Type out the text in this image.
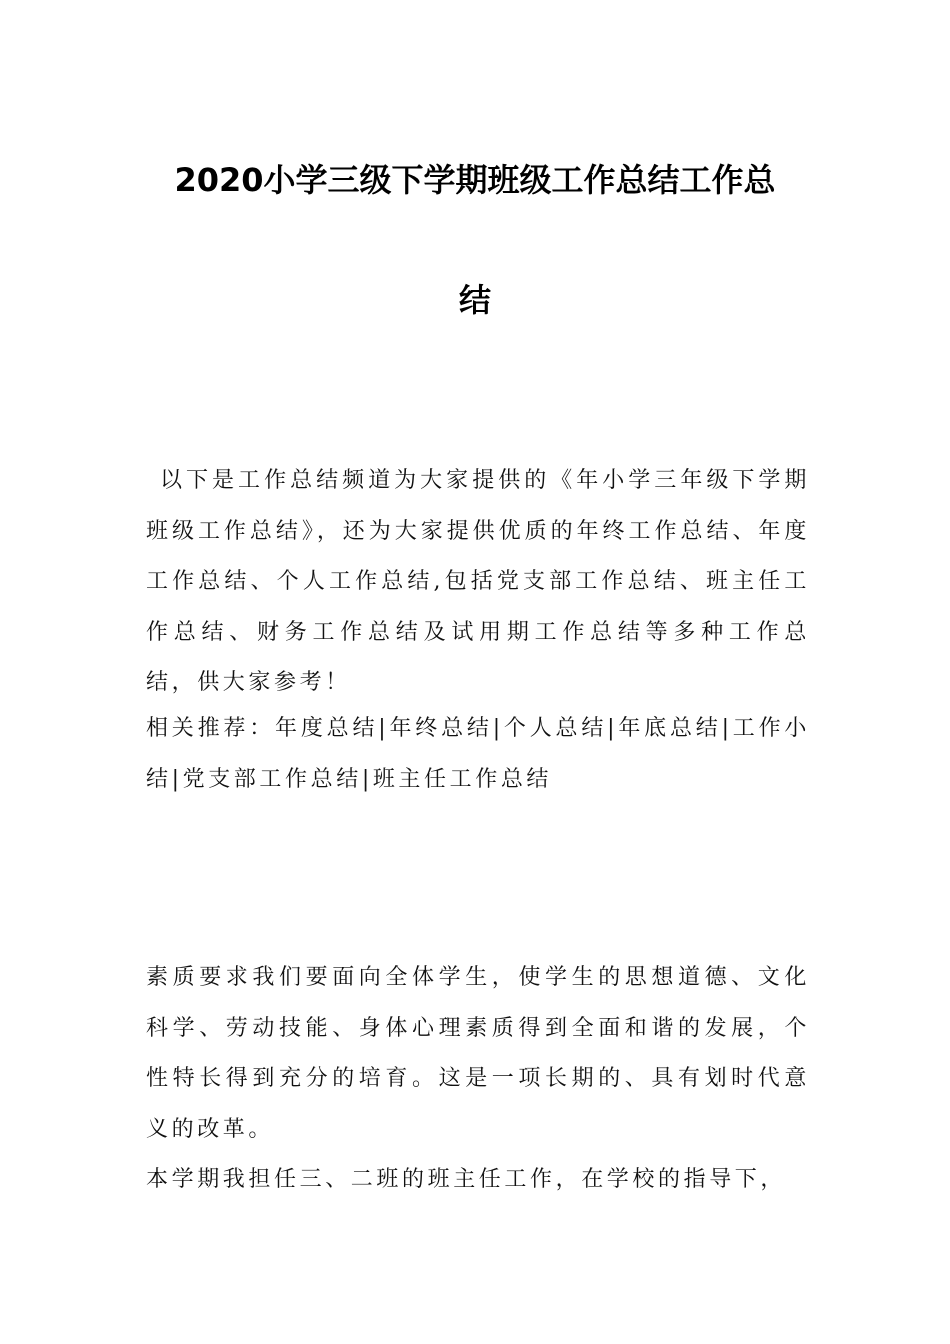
2020小学三级下学期班级工作总结工作总
结

以下是工作总结频道为大家提供的《年小学三年级下学期班级工作总结》，还为大家提供优质的年终工作总结、年度工作总结、个人工作总结,包括党支部工作总结、班主任工作总结、财务工作总结及试用期工作总结等多种工作总结，供大家参考！

相关推荐：年度总结|年终总结|个人总结|年底总结|工作小结|党支部工作总结|班主任工作总结

素质要求我们要面向全体学生，使学生的思想道德、文化科学、劳动技能、身体心理素质得到全面和谐的发展，个性特长得到充分的培育。这是一项长期的、具有划时代意义的改革。

本学期我担任三、二班的班主任工作，在学校的指导下，
